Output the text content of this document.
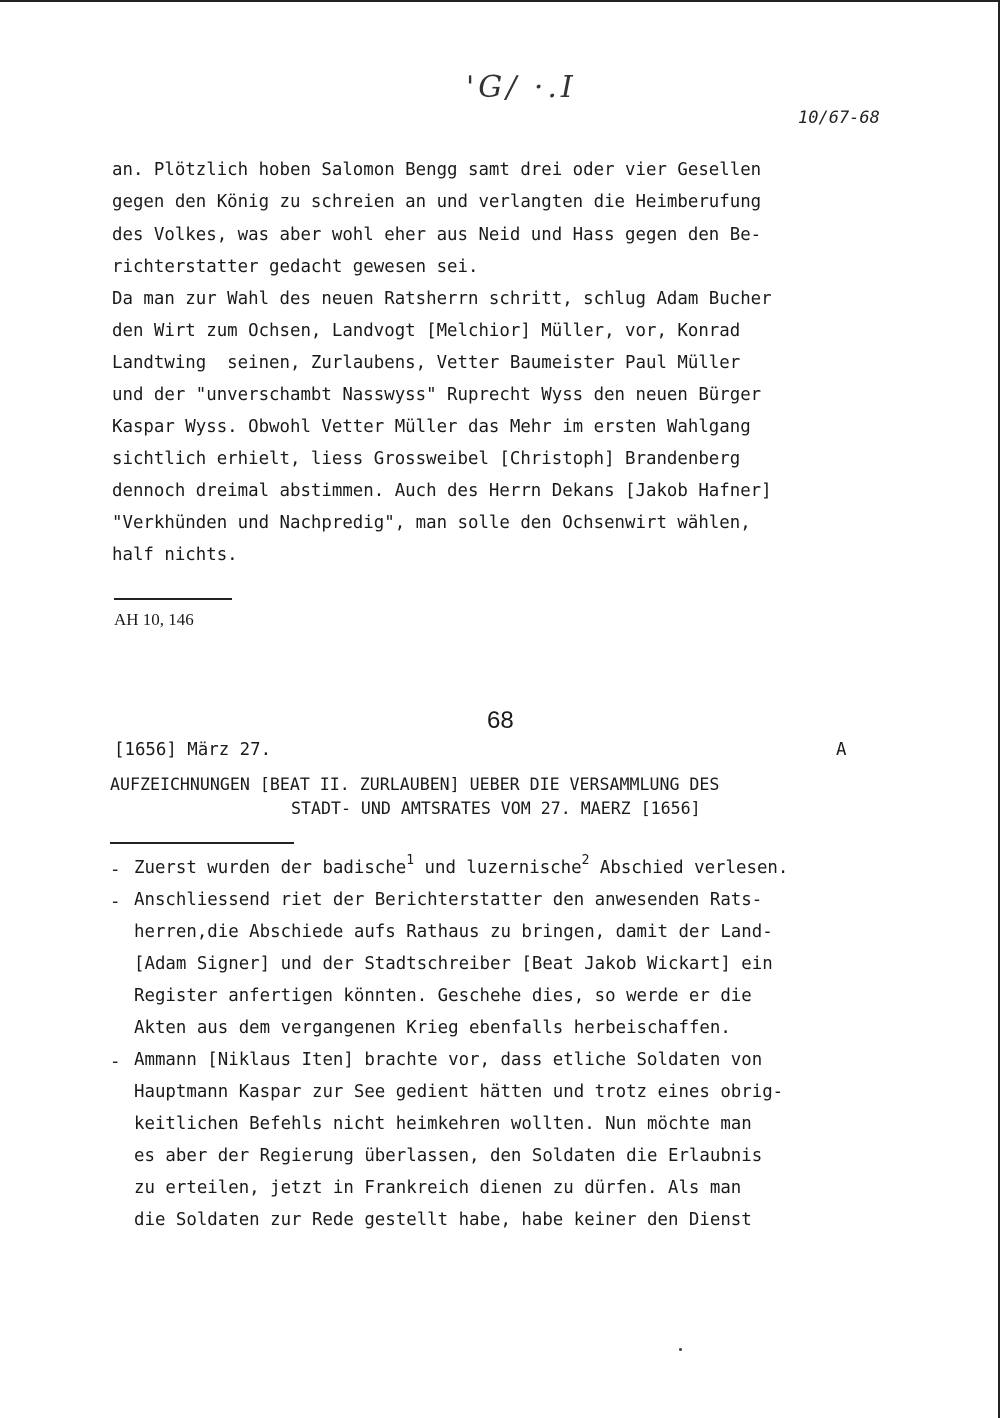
'G/ ·.I
10/67-68
an. Plötzlich hoben Salomon Bengg samt drei oder vier Gesellen
gegen den König zu schreien an und verlangten die Heimberufung
des Volkes, was aber wohl eher aus Neid und Hass gegen den Be-
richterstatter gedacht gewesen sei.
Da man zur Wahl des neuen Ratsherrn schritt, schlug Adam Bucher
den Wirt zum Ochsen, Landvogt [Melchior] Müller, vor, Konrad
Landtwing  seinen, Zurlaubens, Vetter Baumeister Paul Müller
und der "unverschambt Nasswyss" Ruprecht Wyss den neuen Bürger
Kaspar Wyss. Obwohl Vetter Müller das Mehr im ersten Wahlgang
sichtlich erhielt, liess Grossweibel [Christoph] Brandenberg
dennoch dreimal abstimmen. Auch des Herrn Dekans [Jakob Hafner]
"Verkhünden und Nachpredig", man solle den Ochsenwirt wählen,
half nichts.
AH 10, 146
68
[1656] März 27.	A
AUFZEICHNUNGEN [BEAT II. ZURLAUBEN] UEBER DIE VERSAMMLUNG DES
STADT- UND AMTSRATES VOM 27. MAERZ [1656]
- Zuerst wurden der badische$^1$ und luzernische$^2$ Abschied verlesen.
- Anschliessend riet der Berichterstatter den anwesenden Rats-
herren,die Abschiede aufs Rathaus zu bringen, damit der Land-
[Adam Signer] und der Stadtschreiber [Beat Jakob Wickart] ein
Register anfertigen könnten. Geschehe dies, so werde er die
Akten aus dem vergangenen Krieg ebenfalls herbeischaffen.
- Ammann [Niklaus Iten] brachte vor, dass etliche Soldaten von
Hauptmann Kaspar zur See gedient hätten und trotz eines obrig-
keitlichen Befehls nicht heimkehren wollten. Nun möchte man
es aber der Regierung überlassen, den Soldaten die Erlaubnis
zu erteilen, jetzt in Frankreich dienen zu dürfen. Als man
die Soldaten zur Rede gestellt habe, habe keiner den Dienst
